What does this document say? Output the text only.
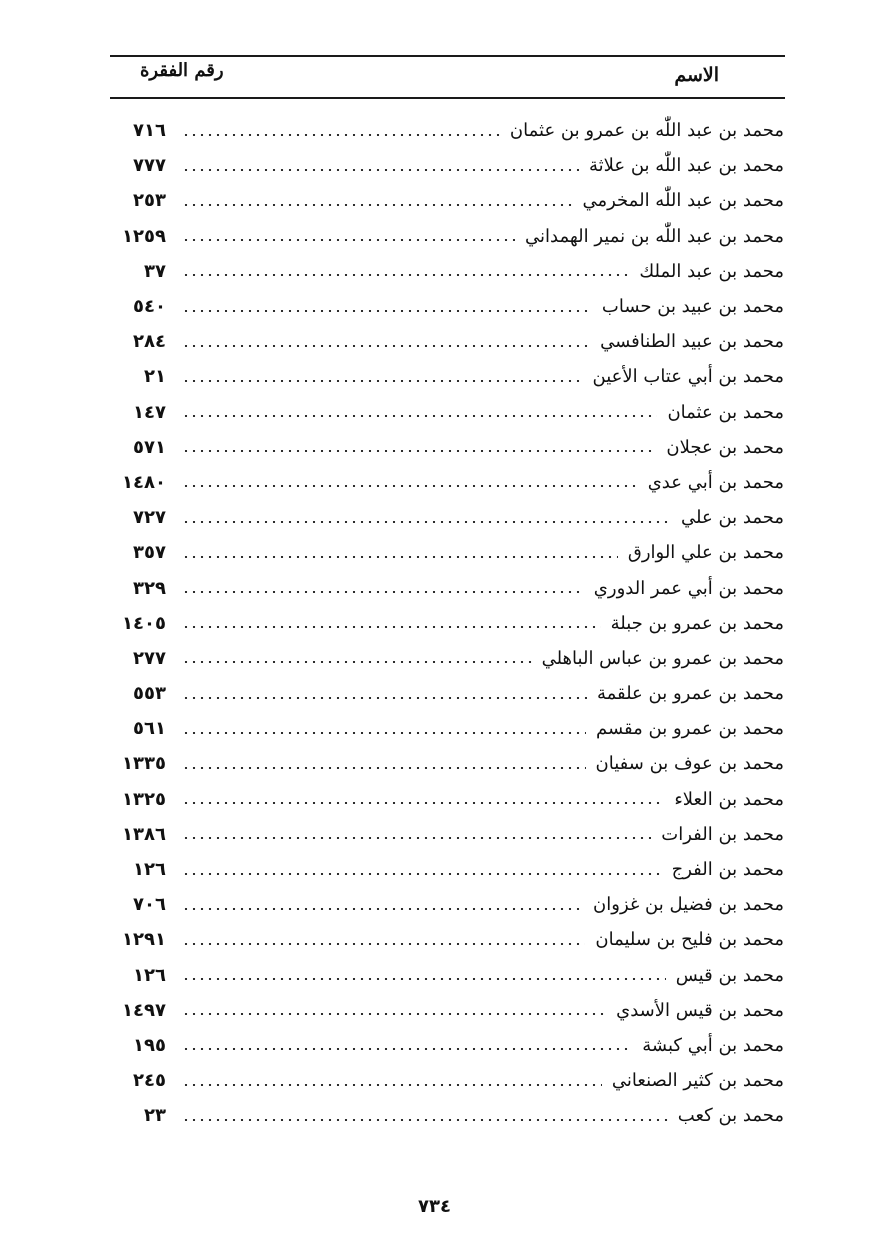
الاسم
رقم الفقرة
٧١٦	محمد بن عبد اللّٰه بن عمرو بن عثمان
٧٧٧	محمد بن عبد اللّٰه بن علاثة
٢٥٣	محمد بن عبد اللّٰه المخرمي
١٢٥٩	محمد بن عبد اللّٰه بن نمير الهمداني
٣٧	محمد بن عبد الملك
٥٤٠	محمد بن عبيد بن حساب
٢٨٤	محمد بن عبيد الطنافسي
٢١	محمد بن أبي عتاب الأعين
١٤٧	محمد بن عثمان
٥٧١	محمد بن عجلان
١٤٨٠	محمد بن أبي عدي
٧٢٧	محمد بن علي
٣٥٧	محمد بن علي الوارق
٣٢٩	محمد بن أبي عمر الدوري
١٤٠٥	محمد بن عمرو بن جبلة
٢٧٧	محمد بن عمرو بن عباس الباهلي
٥٥٣	محمد بن عمرو بن علقمة
٥٦١	محمد بن عمرو بن مقسم
١٣٣٥	محمد بن عوف بن سفيان
١٣٢٥	محمد بن العلاء
١٣٨٦	محمد بن الفرات
١٢٦	محمد بن الفرج
٧٠٦	محمد بن فضيل بن غزوان
١٢٩١	محمد بن فليح بن سليمان
١٢٦	محمد بن قيس
١٤٩٧	محمد بن قيس الأسدي
١٩٥	محمد بن أبي كبشة
٢٤٥	محمد بن كثير الصنعاني
٢٣	محمد بن كعب
٧٣٤
